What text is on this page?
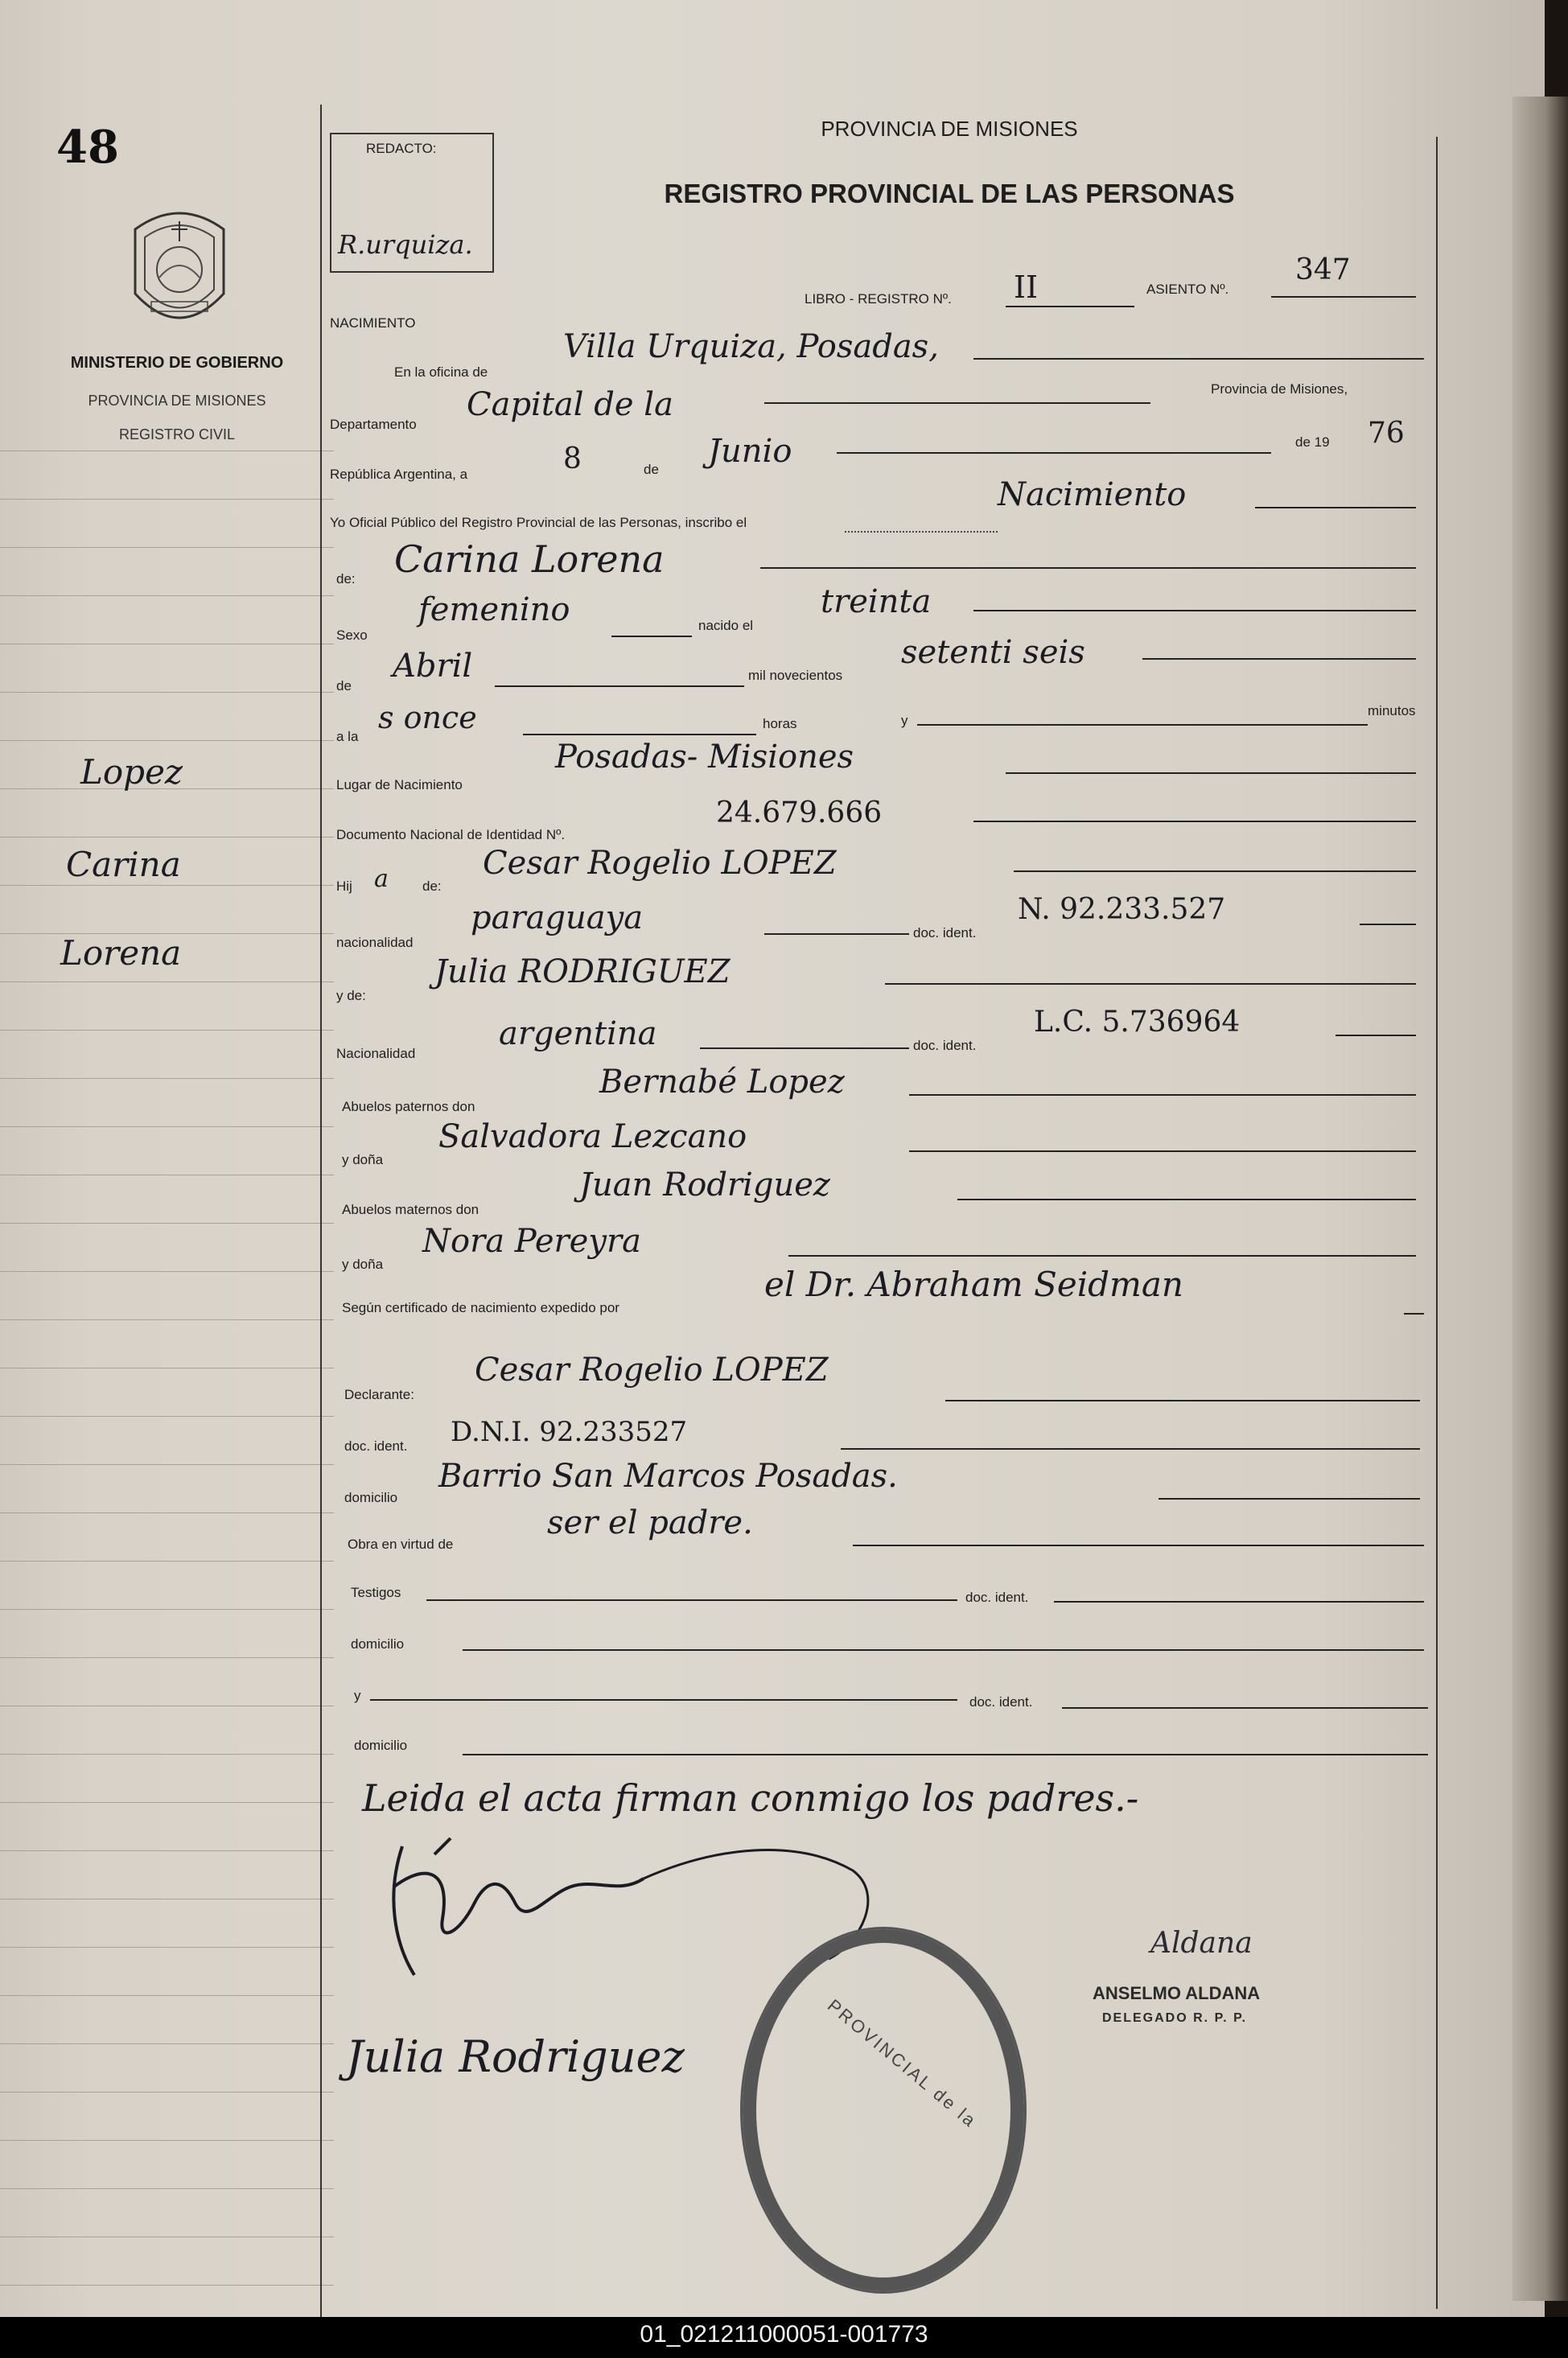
48
MINISTERIO DE GOBIERNO
PROVINCIA DE MISIONES
REGISTRO CIVIL
Lopez
Carina
Lorena
REDACTO:
R.urquiza.
PROVINCIA DE MISIONES
REGISTRO PROVINCIAL DE LAS PERSONAS
NACIMIENTO
LIBRO - REGISTRO Nº. II	ASIENTO Nº.
347
En la oficina de
Villa Urquiza, Posadas,
Departamento
Capital de la	Provincia de Misiones,
República Argentina, a	8	de Junio	de 19 76
Yo Oficial Público del Registro Provincial de las Personas, inscribo el
Nacimiento
de: Carina Lorena
Sexo
femenino	nacido el
treinta
de
Abril	mil novecientos
setenti seis
a la
s once	horas	y
minutos
Lugar de Nacimiento
Posadas- Misiones
Documento Nacional de Identidad Nº.
24.679.666
Hij a de:
Cesar Rogelio LOPEZ
nacionalidad
paraguaya	doc. ident.
N. 92.233.527
y de:
Julia RODRIGUEZ
Nacionalidad
argentina	doc. ident.
L.C. 5.736964
Abuelos paternos don
Bernabé Lopez
y doña
Salvadora Lezcano
Abuelos maternos don
Juan Rodriguez
y doña
Nora Pereyra
Según certificado de nacimiento expedido por
el Dr. Abraham Seidman
Declarante:
Cesar Rogelio LOPEZ
doc. ident. D.N.I. 92.233527
domicilio
Barrio San Marcos Posadas.
Obra en virtud de
ser el padre.
Testigos	doc. ident.
domicilio
y	doc. ident.
domicilio
Leida el acta firman conmigo los padres.-
Julia Rodriguez	PROVINCIAL de la
Aldana
ANSELMO ALDANA
DELEGADO R. P. P.
01_021211000051-001773
